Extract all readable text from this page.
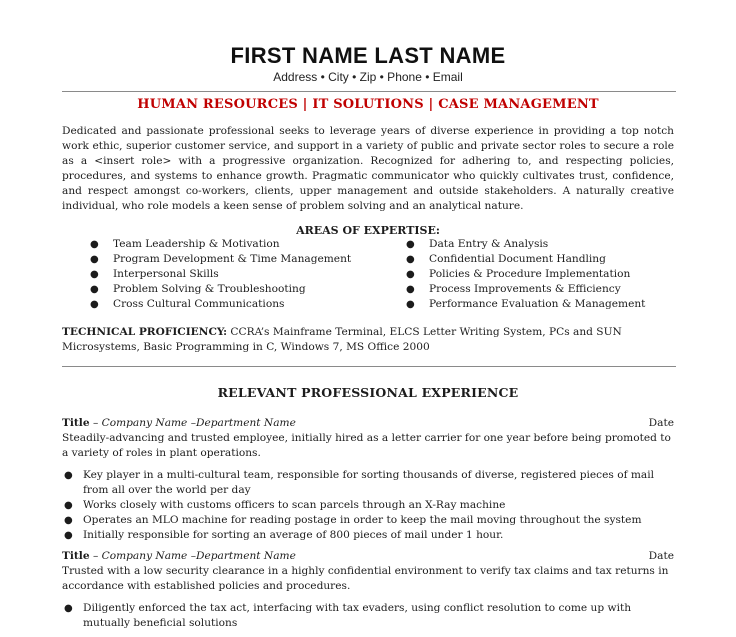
FIRST NAME LAST NAME
Address • City • Zip • Phone • Email
HUMAN RESOURCES | IT SOLUTIONS | CASE MANAGEMENT
Dedicated and passionate professional seeks to leverage years of diverse experience in providing a top notch work ethic, superior customer service, and support in a variety of public and private sector roles to secure a role as a <insert role> with a progressive organization. Recognized for adhering to, and respecting policies, procedures, and systems to enhance growth. Pragmatic communicator who quickly cultivates trust, confidence, and respect amongst co-workers, clients, upper management and outside stakeholders. A naturally creative individual, who role models a keen sense of problem solving and an analytical nature.
AREAS OF EXPERTISE:
● Team Leadership & Motivation
● Program Development & Time Management
● Interpersonal Skills
● Problem Solving & Troubleshooting
● Cross Cultural Communications
● Data Entry & Analysis
● Confidential Document Handling
● Policies & Procedure Implementation
● Process Improvements & Efficiency
● Performance Evaluation & Management
TECHNICAL PROFICIENCY: CCRA’s Mainframe Terminal, ELCS Letter Writing System, PCs and SUN Microsystems, Basic Programming in C, Windows 7, MS Office 2000
RELEVANT PROFESSIONAL EXPERIENCE
Title – Company Name –Department Name	Date
Steadily-advancing and trusted employee, initially hired as a letter carrier for one year before being promoted to a variety of roles in plant operations.
● Key player in a multi-cultural team, responsible for sorting thousands of diverse, registered pieces of mail from all over the world per day
● Works closely with customs officers to scan parcels through an X-Ray machine
● Operates an MLO machine for reading postage in order to keep the mail moving throughout the system
● Initially responsible for sorting an average of 800 pieces of mail under 1 hour.
Title – Company Name –Department Name	Date
Trusted with a low security clearance in a highly confidential environment to verify tax claims and tax returns in accordance with established policies and procedures.
● Diligently enforced the tax act, interfacing with tax evaders, using conflict resolution to come up with mutually beneficial solutions
